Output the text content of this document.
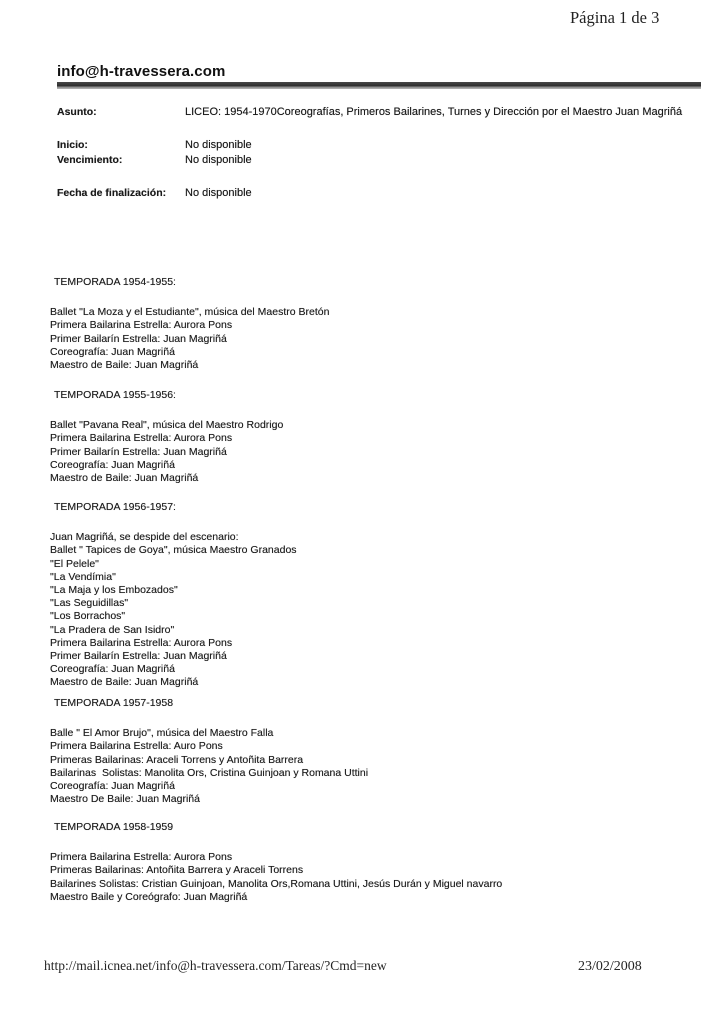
Página 1 de 3
info@h-travessera.com
Asunto:	LICEO: 1954-1970Coreografías, Primeros Bailarines, Turnes y Dirección por el Maestro Juan Magriñá
Inicio:	No disponible
Vencimiento:	No disponible
Fecha de finalización: No disponible
TEMPORADA 1954-1955:
Ballet "La Moza y el Estudiante", música del Maestro Bretón
Primera Bailarina Estrella: Aurora Pons
Primer Bailarín Estrella: Juan Magriñá
Coreografía: Juan Magriñá
Maestro de Baile: Juan Magriñá
TEMPORADA 1955-1956:
Ballet "Pavana Real", música del Maestro Rodrigo
Primera Bailarina Estrella: Aurora Pons
Primer Bailarín Estrella: Juan Magriñá
Coreografía: Juan Magriñá
Maestro de Baile: Juan Magriñá
TEMPORADA 1956-1957:
Juan Magriñá, se despide del escenario:
Ballet " Tapices de Goya", música Maestro Granados
"El Pelele"
"La Vendímia"
"La Maja y los Embozados"
"Las Seguidillas"
"Los Borrachos"
"La Pradera de San Isidro"
Primera Bailarina Estrella: Aurora Pons
Primer Bailarín Estrella: Juan Magriñá
Coreografía: Juan Magriñá
Maestro de Baile: Juan Magriñá
TEMPORADA 1957-1958
Balle " El Amor Brujo", música del Maestro Falla
Primera Bailarina Estrella: Auro Pons
Primeras Bailarinas: Araceli Torrens y Antoñita Barrera
Bailarinas  Solistas: Manolita Ors, Cristina Guinjoan y Romana Uttini
Coreografía: Juan Magriñá
Maestro De Baile: Juan Magriñá
TEMPORADA 1958-1959
Primera Bailarina Estrella: Aurora Pons
Primeras Bailarinas: Antoñita Barrera y Araceli Torrens
Bailarines Solistas: Cristian Guinjoan, Manolita Ors,Romana Uttini, Jesús Durán y Miguel navarro
Maestro Baile y Coreógrafo: Juan Magriñá
http://mail.icnea.net/info@h-travessera.com/Tareas/?Cmd=new	23/02/2008
